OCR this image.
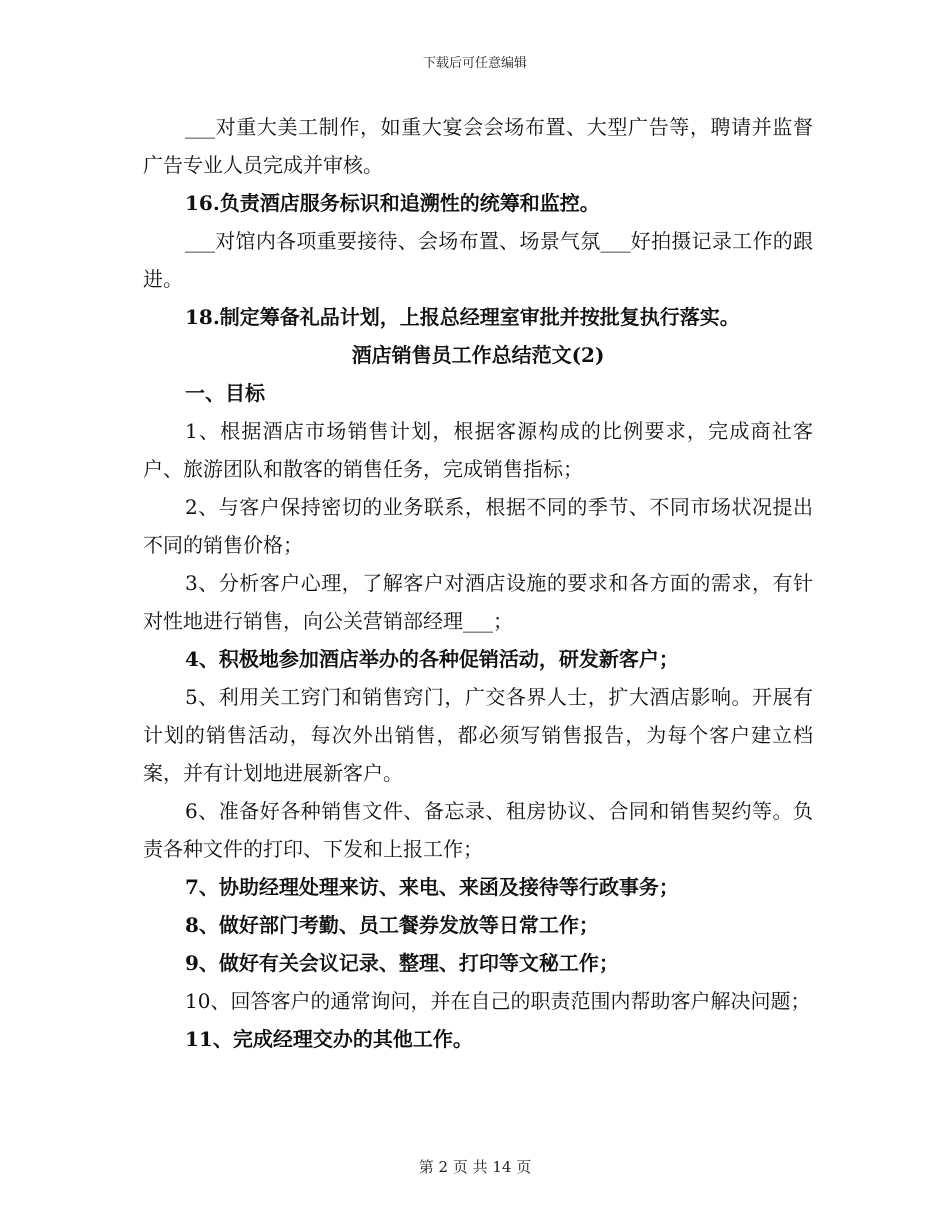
下载后可任意编辑

___对重大美工制作，如重大宴会会场布置、大型广告等，聘请并监督广告专业人员完成并审核。

16.负责酒店服务标识和追溯性的统筹和监控。

___对馆内各项重要接待、会场布置、场景气氛___好拍摄记录工作的跟进。

18.制定筹备礼品计划，上报总经理室审批并按批复执行落实。

酒店销售员工作总结范文(2)

一、目标

1、根据酒店市场销售计划，根据客源构成的比例要求，完成商社客户、旅游团队和散客的销售任务，完成销售指标；

2、与客户保持密切的业务联系，根据不同的季节、不同市场状况提出不同的销售价格；

3、分析客户心理，了解客户对酒店设施的要求和各方面的需求，有针对性地进行销售，向公关营销部经理___；

4、积极地参加酒店举办的各种促销活动，研发新客户；

5、利用关工窍门和销售窍门，广交各界人士，扩大酒店影响。开展有计划的销售活动，每次外出销售，都必须写销售报告，为每个客户建立档案，并有计划地进展新客户。

6、准备好各种销售文件、备忘录、租房协议、合同和销售契约等。负责各种文件的打印、下发和上报工作；

7、协助经理处理来访、来电、来函及接待等行政事务；

8、做好部门考勤、员工餐券发放等日常工作；

9、做好有关会议记录、整理、打印等文秘工作；

10、回答客户的通常询问，并在自己的职责范围内帮助客户解决问题；

11、完成经理交办的其他工作。

第 2 页 共 14 页
